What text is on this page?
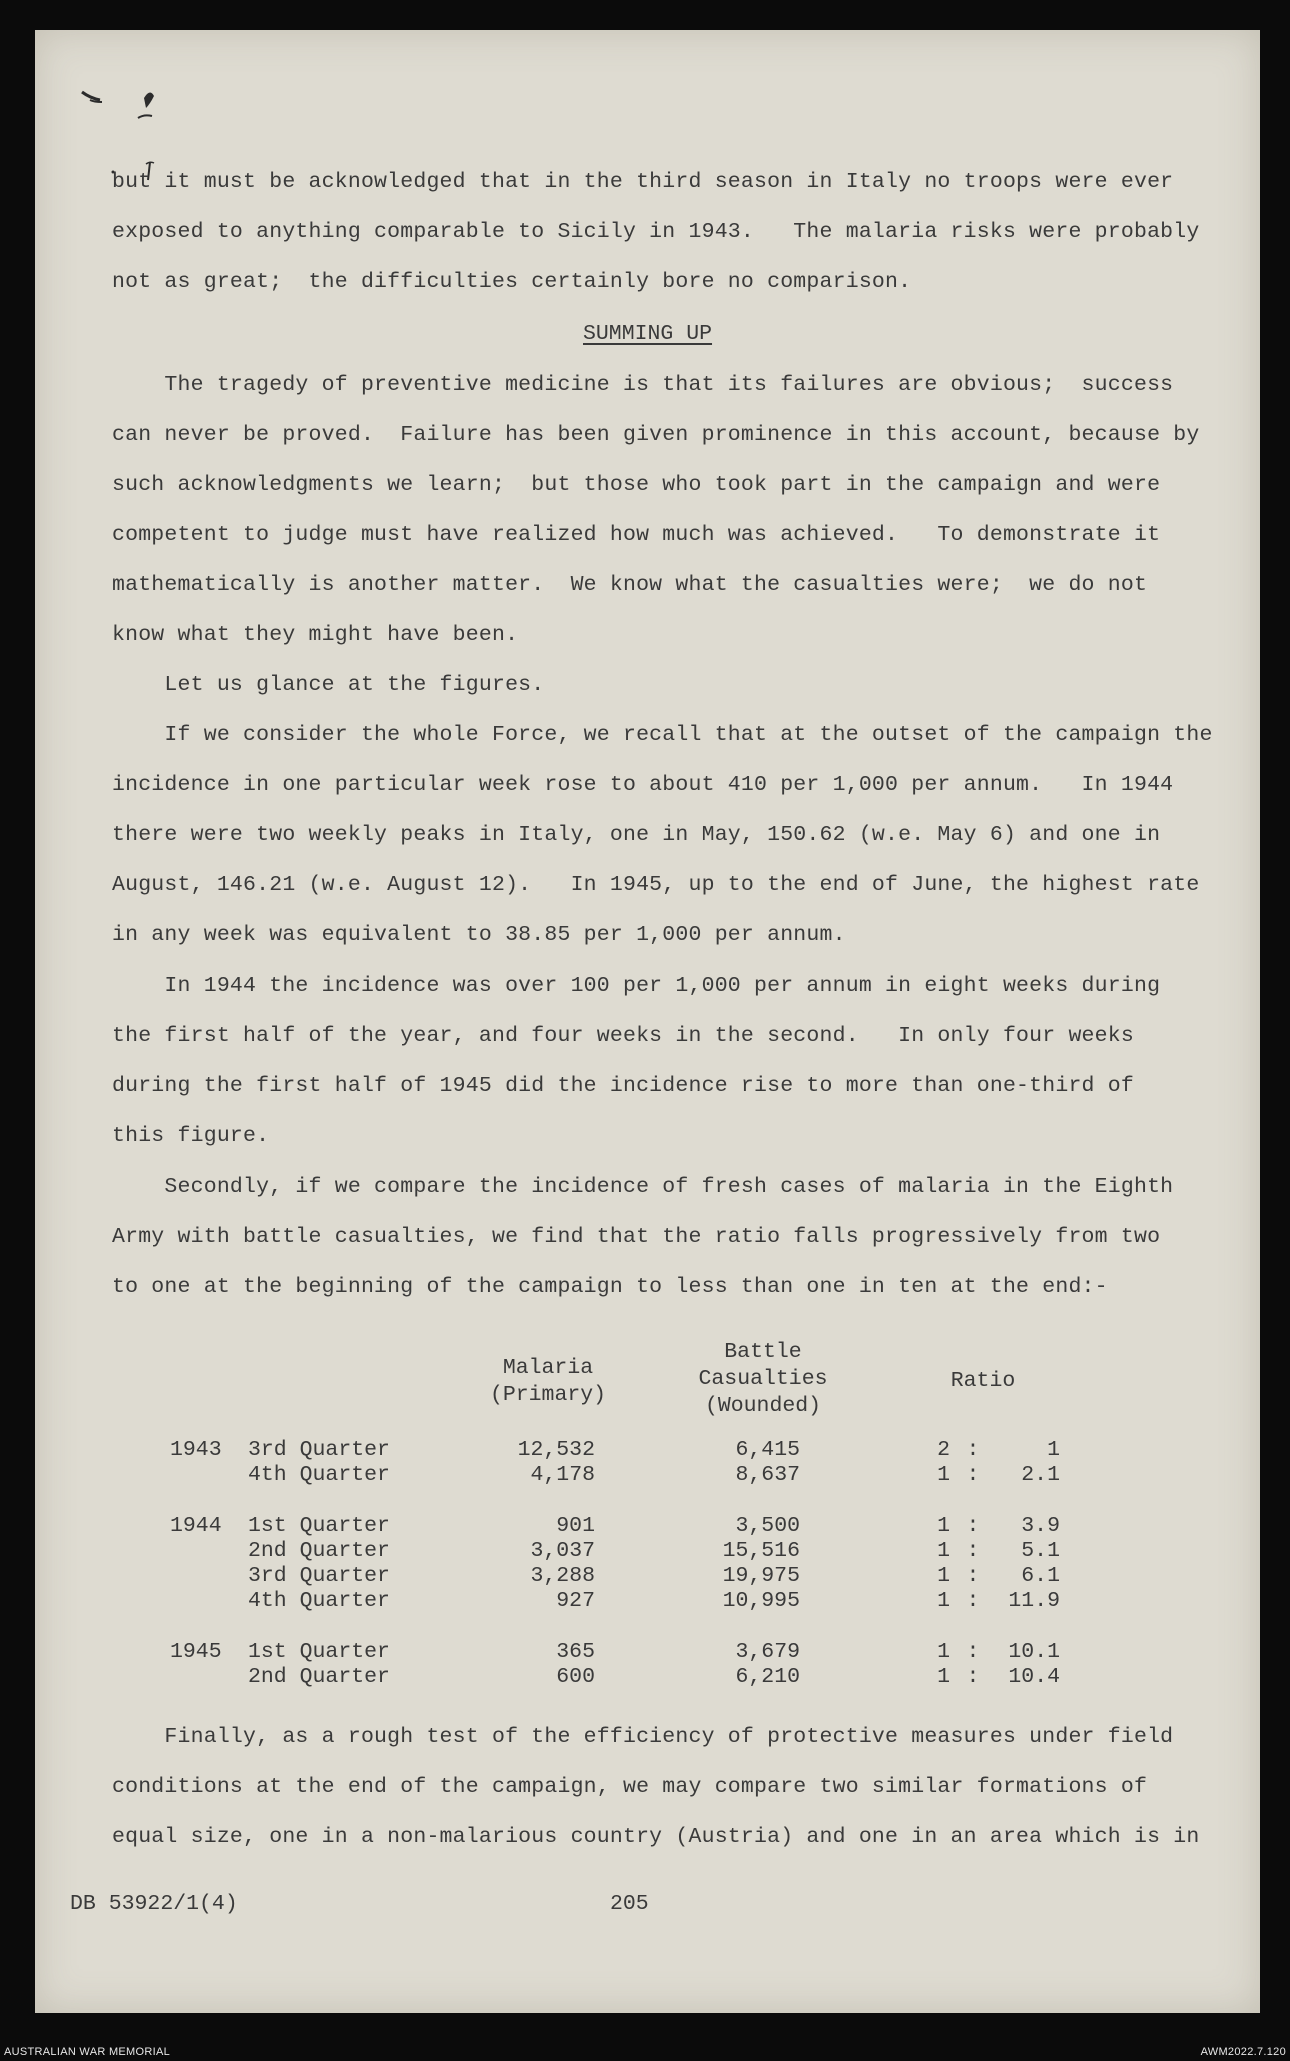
but it must be acknowledged that in the third season in Italy no troops were ever
exposed to anything comparable to Sicily in 1943.   The malaria risks were probably
not as great;  the difficulties certainly bore no comparison.
The tragedy of preventive medicine is that its failures are obvious;  success
can never be proved.  Failure has been given prominence in this account, because by
such acknowledgments we learn;  but those who took part in the campaign and were
competent to judge must have realized how much was achieved.   To demonstrate it
mathematically is another matter.  We know what the casualties were;  we do not
know what they might have been.
Let us glance at the figures.
If we consider the whole Force, we recall that at the outset of the campaign the
incidence in one particular week rose to about 410 per 1,000 per annum.   In 1944
there were two weekly peaks in Italy, one in May, 150.62 (w.e. May 6) and one in
August, 146.21 (w.e. August 12).   In 1945, up to the end of June, the highest rate
in any week was equivalent to 38.85 per 1,000 per annum.
In 1944 the incidence was over 100 per 1,000 per annum in eight weeks during
the first half of the year, and four weeks in the second.   In only four weeks
during the first half of 1945 did the incidence rise to more than one-third of
this figure.
Secondly, if we compare the incidence of fresh cases of malaria in the Eighth
Army with battle casualties, we find that the ratio falls progressively from two
to one at the beginning of the campaign to less than one in ten at the end:-
Finally, as a rough test of the efficiency of protective measures under field
conditions at the end of the campaign, we may compare two similar formations of
equal size, one in a non-malarious country (Austria) and one in an area which is in
SUMMING UP
Malaria
(Primary)
Battle
Casualties
(Wounded)
Ratio
1943	3rd Quarter	12,532	6,415	2 :	1
4th Quarter	4,178	8,637	1 :	2.1
1944	1st Quarter	901	3,500	1 :	3.9
2nd Quarter	3,037	15,516	1 :	5.1
3rd Quarter	3,288	19,975	1 :	6.1
4th Quarter	927	10,995	1 :	11.9
1945	1st Quarter	365	3,679	1 :	10.1
2nd Quarter	600	6,210	1 :	10.4
DB 53922/1(4)	205
AUSTRALIAN WAR MEMORIAL	AWM2022.7.120
